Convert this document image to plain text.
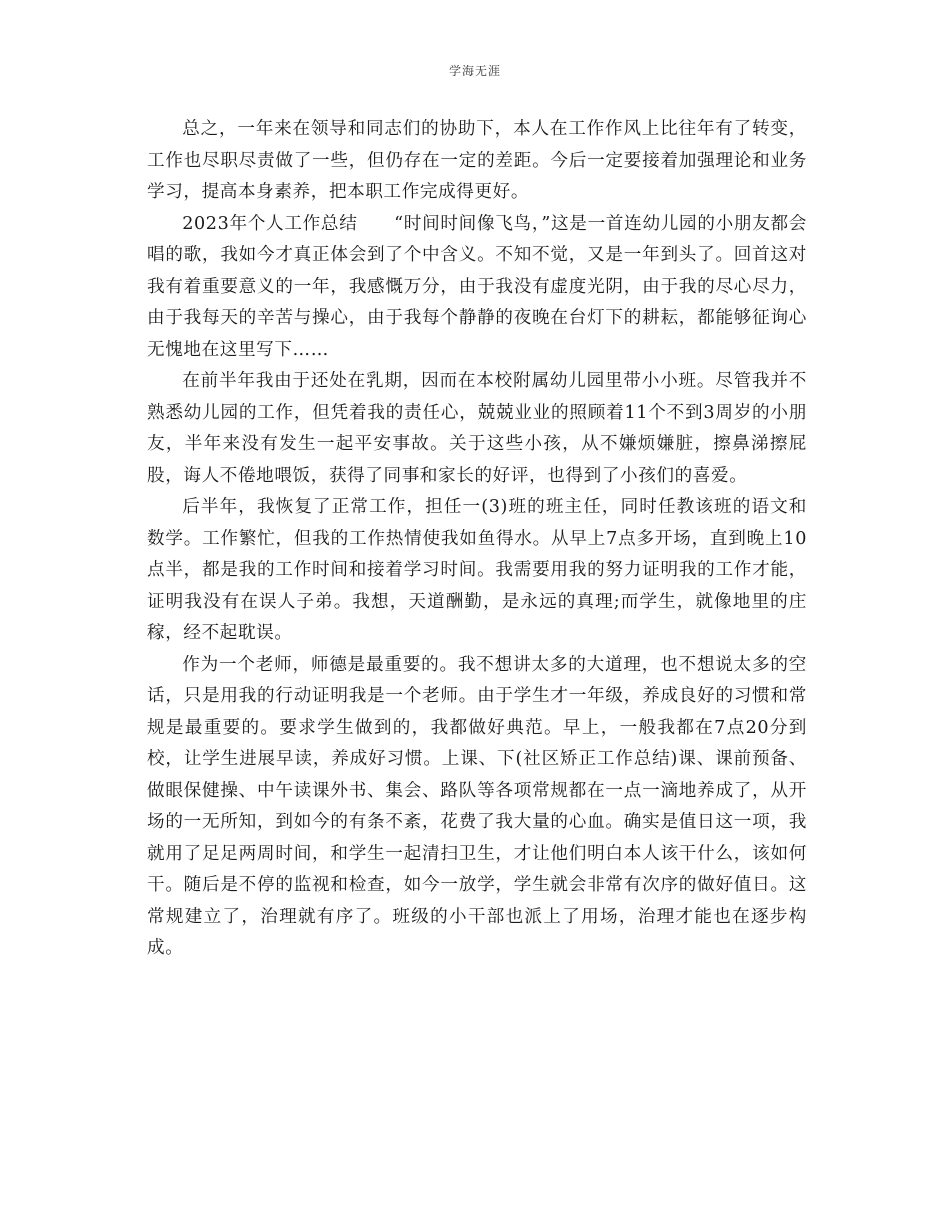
学海无涯

总之，一年来在领导和同志们的协助下，本人在工作作风上比往年有了转变，工作也尽职尽责做了一些，但仍存在一定的差距。今后一定要接着加强理论和业务学习，提高本身素养，把本职工作完成得更好。

2023年个人工作总结　　“时间时间像飞鸟，”这是一首连幼儿园的小朋友都会唱的歌，我如今才真正体会到了个中含义。不知不觉，又是一年到头了。回首这对我有着重要意义的一年，我感慨万分，由于我没有虚度光阴，由于我的尽心尽力，由于我每天的辛苦与操心，由于我每个静静的夜晚在台灯下的耕耘，都能够征询心无愧地在这里写下……

在前半年我由于还处在乳期，因而在本校附属幼儿园里带小小班。尽管我并不熟悉幼儿园的工作，但凭着我的责任心，兢兢业业的照顾着11个不到3周岁的小朋友，半年来没有发生一起平安事故。关于这些小孩，从不嫌烦嫌脏，擦鼻涕擦屁股，诲人不倦地喂饭，获得了同事和家长的好评，也得到了小孩们的喜爱。

后半年，我恢复了正常工作，担任一(3)班的班主任，同时任教该班的语文和数学。工作繁忙，但我的工作热情使我如鱼得水。从早上7点多开场，直到晚上10点半，都是我的工作时间和接着学习时间。我需要用我的努力证明我的工作才能，证明我没有在误人子弟。我想，天道酬勤，是永远的真理;而学生，就像地里的庄稼，经不起耽误。

作为一个老师，师德是最重要的。我不想讲太多的大道理，也不想说太多的空话，只是用我的行动证明我是一个老师。由于学生才一年级，养成良好的习惯和常规是最重要的。要求学生做到的，我都做好典范。早上，一般我都在7点20分到校，让学生进展早读，养成好习惯。上课、下(社区矫正工作总结)课、课前预备、做眼保健操、中午读课外书、集会、路队等各项常规都在一点一滴地养成了，从开场的一无所知，到如今的有条不紊，花费了我大量的心血。确实是值日这一项，我就用了足足两周时间，和学生一起清扫卫生，才让他们明白本人该干什么，该如何干。随后是不停的监视和检查，如今一放学，学生就会非常有次序的做好值日。这常规建立了，治理就有序了。班级的小干部也派上了用场，治理才能也在逐步构成。
